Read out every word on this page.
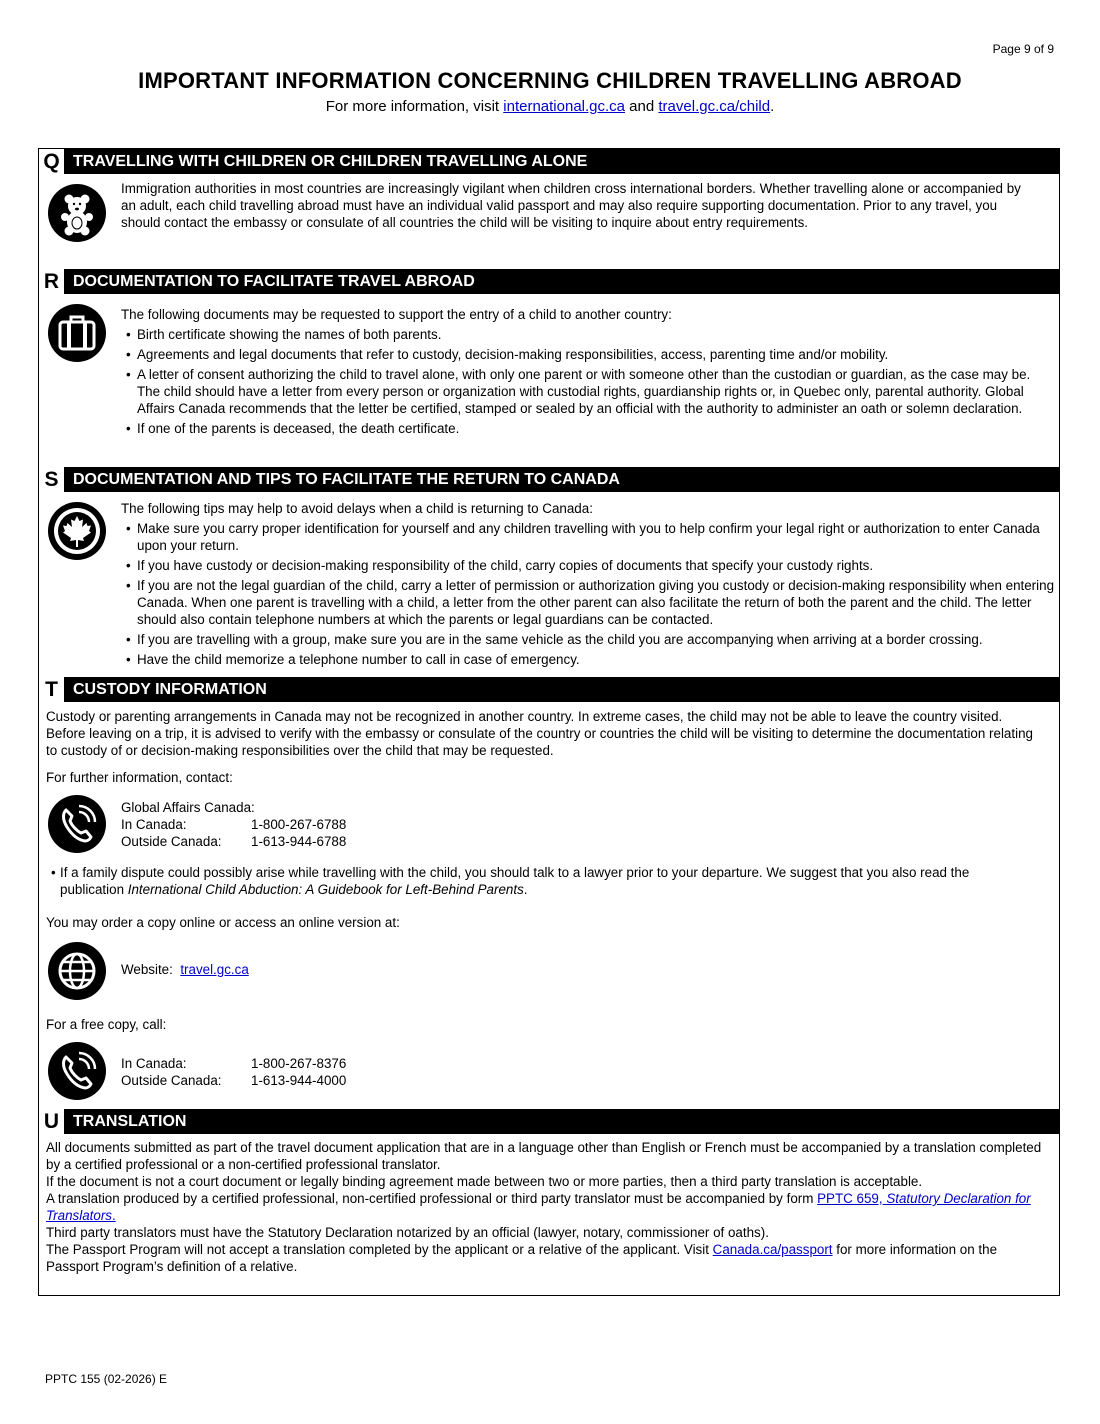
Page 9 of 9
IMPORTANT INFORMATION CONCERNING CHILDREN TRAVELLING ABROAD
For more information, visit international.gc.ca and travel.gc.ca/child.
Q TRAVELLING WITH CHILDREN OR CHILDREN TRAVELLING ALONE
Immigration authorities in most countries are increasingly vigilant when children cross international borders. Whether travelling alone or accompanied by an adult, each child travelling abroad must have an individual valid passport and may also require supporting documentation. Prior to any travel, you should contact the embassy or consulate of all countries the child will be visiting to inquire about entry requirements.
R DOCUMENTATION TO FACILITATE TRAVEL ABROAD

The following documents may be requested to support the entry of a child to another country:

• Birth certificate showing the names of both parents.

• Agreements and legal documents that refer to custody, decision-making responsibilities, access, parenting time and/or mobility.

• A letter of consent authorizing the child to travel alone, with only one parent or with someone other than the custodian or guardian, as the case may be. The child should have a letter from every person or organization with custodial rights, guardianship rights or, in Quebec only, parental authority. Global Affairs Canada recommends that the letter be certified, stamped or sealed by an official with the authority to administer an oath or solemn declaration.

• If one of the parents is deceased, the death certificate.

S DOCUMENTATION AND TIPS TO FACILITATE THE RETURN TO CANADA

The following tips may help to avoid delays when a child is returning to Canada:

• Make sure you carry proper identification for yourself and any children travelling with you to help confirm your legal right or authorization to enter Canada upon your return.

• If you have custody or decision-making responsibility of the child, carry copies of documents that specify your custody rights.

• If you are not the legal guardian of the child, carry a letter of permission or authorization giving you custody or decision-making responsibility when entering Canada. When one parent is travelling with a child, a letter from the other parent can also facilitate the return of both the parent and the child. The letter should also contain telephone numbers at which the parents or legal guardians can be contacted.

• If you are travelling with a group, make sure you are in the same vehicle as the child you are accompanying when arriving at a border crossing.

• Have the child memorize a telephone number to call in case of emergency.

T CUSTODY INFORMATION
Custody or parenting arrangements in Canada may not be recognized in another country. In extreme cases, the child may not be able to leave the country visited. Before leaving on a trip, it is advised to verify with the embassy or consulate of the country or countries the child will be visiting to determine the documentation relating to custody of or decision-making responsibilities over the child that may be requested.
For further information, contact:
Global Affairs Canada:
In Canada:	1-800-267-6788
Outside Canada:	1-613-944-6788

• If a family dispute could possibly arise while travelling with the child, you should talk to a lawyer prior to your departure. We suggest that you also read the publication International Child Abduction: A Guidebook for Left-Behind Parents.

You may order a copy online or access an online version at:
Website: travel.gc.ca
For a free copy, call:
In Canada:	1-800-267-8376
Outside Canada:	1-613-944-4000
U TRANSLATION

All documents submitted as part of the travel document application that are in a language other than English or French must be accompanied by a translation completed by a certified professional or a non-certified professional translator.

If the document is not a court document or legally binding agreement made between two or more parties, then a third party translation is acceptable.

A translation produced by a certified professional, non-certified professional or third party translator must be accompanied by form PPTC 659, Statutory Declaration for Translators.

Third party translators must have the Statutory Declaration notarized by an official (lawyer, notary, commissioner of oaths).

The Passport Program will not accept a translation completed by the applicant or a relative of the applicant. Visit Canada.ca/passport for more information on the Passport Program’s definition of a relative.

PPTC 155 (02-2026) E
